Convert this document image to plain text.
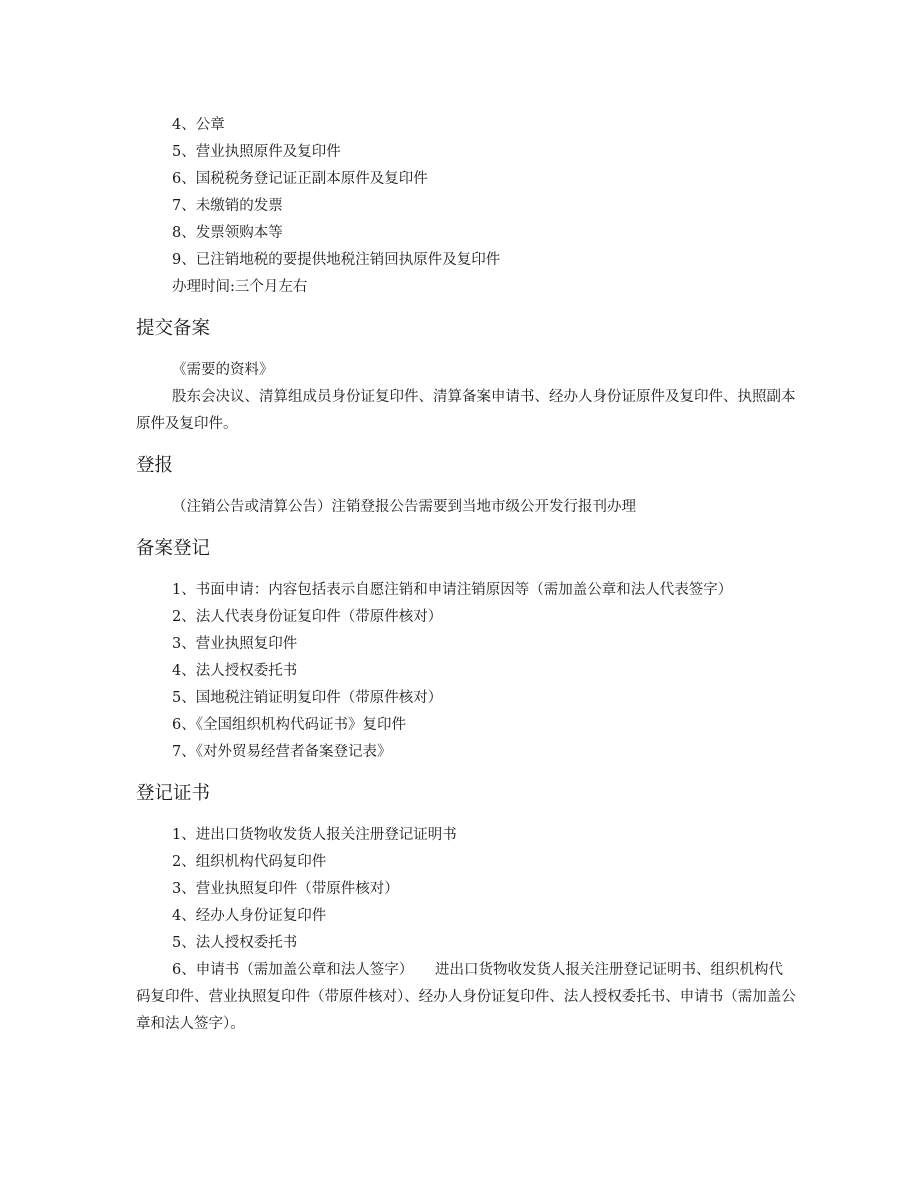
4、公章

5、营业执照原件及复印件

6、国税税务登记证正副本原件及复印件

7、未缴销的发票

8、发票领购本等

9、已注销地税的要提供地税注销回执原件及复印件

办理时间:三个月左右

提交备案

《需要的资料》

股东会决议、清算组成员身份证复印件、清算备案申请书、经办人身份证原件及复印件、执照副本原件及复印件。

登报

（注销公告或清算公告）注销登报公告需要到当地市级公开发行报刊办理

备案登记

1、书面申请：内容包括表示自愿注销和申请注销原因等（需加盖公章和法人代表签字）

2、法人代表身份证复印件（带原件核对）

3、营业执照复印件

4、法人授权委托书

5、国地税注销证明复印件（带原件核对）

6、《全国组织机构代码证书》复印件

7、《对外贸易经营者备案登记表》

登记证书

1、进出口货物收发货人报关注册登记证明书

2、组织机构代码复印件

3、营业执照复印件（带原件核对）

4、经办人身份证复印件

5、法人授权委托书

6、申请书（需加盖公章和法人签字）　　进出口货物收发货人报关注册登记证明书、组织机构代码复印件、营业执照复印件（带原件核对）、经办人身份证复印件、法人授权委托书、申请书（需加盖公章和法人签字）。
